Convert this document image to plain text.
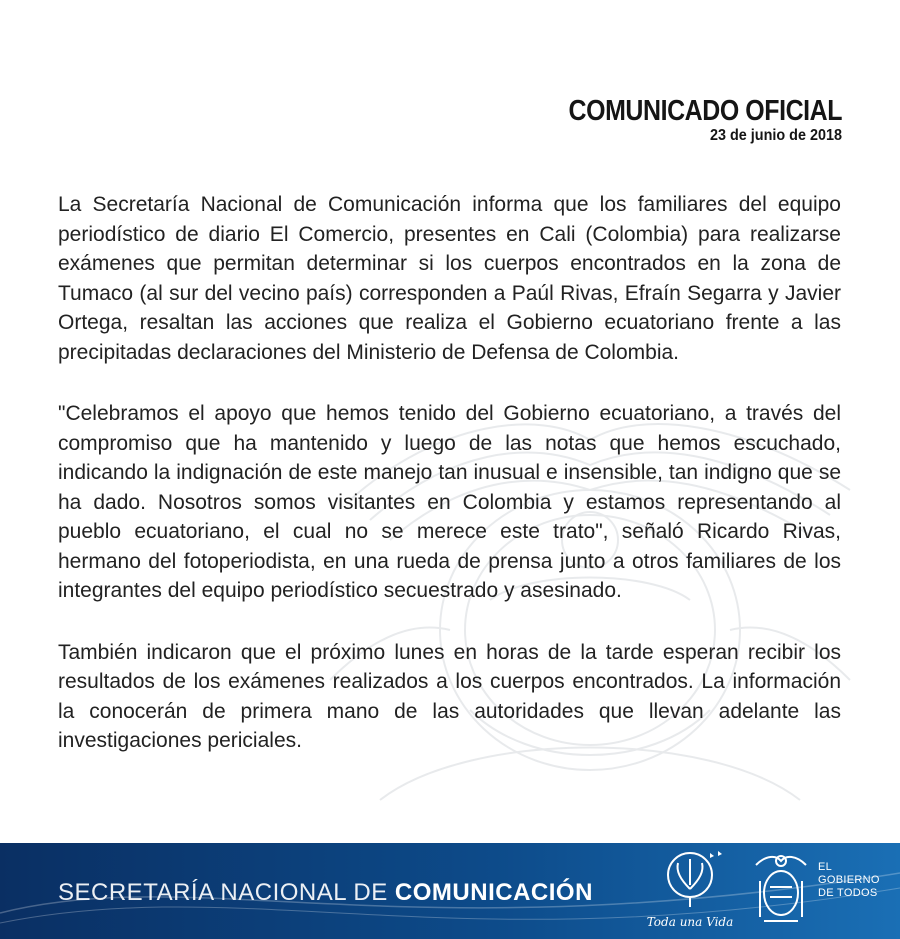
COMUNICADO OFICIAL
23 de junio de 2018

La Secretaría Nacional de Comunicación informa que los familiares del equipo periodístico de diario El Comercio, presentes en Cali (Colombia) para realizarse exámenes que permitan determinar si los cuerpos encontrados en la zona de Tumaco (al sur del vecino país) corresponden a Paúl Rivas, Efraín Segarra y Javier Ortega, resaltan las acciones que realiza el Gobierno ecuatoriano frente a las precipitadas declaraciones del Ministerio de Defensa de Colombia.

"Celebramos el apoyo que hemos tenido del Gobierno ecuatoriano, a través del compromiso que ha mantenido y luego de las notas que hemos escuchado, indicando la indignación de este manejo tan inusual e insensible, tan indigno que se ha dado. Nosotros somos visitantes en Colombia y estamos representando al pueblo ecuatoriano, el cual no se merece este trato", señaló Ricardo Rivas, hermano del fotoperiodista, en una rueda de prensa junto a otros familiares de los integrantes del equipo periodístico secuestrado y asesinado.

También indicaron que el próximo lunes en horas de la tarde esperan recibir los resultados de los exámenes realizados a los cuerpos encontrados. La información la conocerán de primera mano de las autoridades que llevan adelante las investigaciones periciales.

SECRETARÍA NACIONAL DE COMUNICACIÓN
Toda una Vida
EL
GOBIERNO
DE TODOS
